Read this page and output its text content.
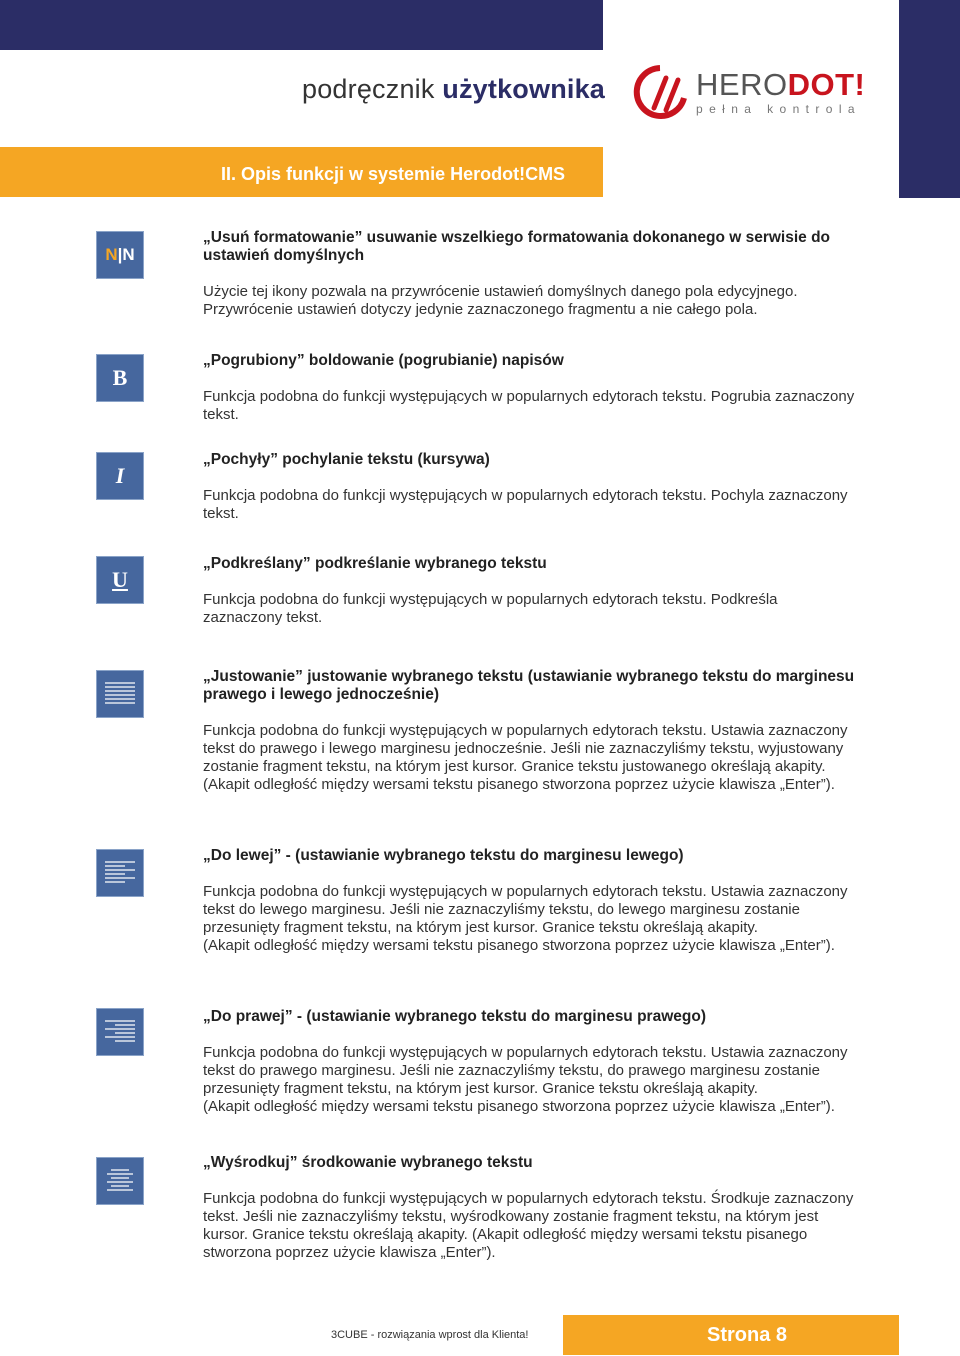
podręcznik użytkownika	HERODOT!
pełna kontrola
II. Opis funkcji w systemie Herodot!CMS
N|N

„Usuń formatowanie” usuwanie wszelkiego formatowania dokonanego w serwisie do
ustawień domyślnych

Użycie tej ikony pozwala na przywrócenie ustawień domyślnych danego pola edycyjnego.
Przywrócenie ustawień dotyczy jedynie zaznaczonego fragmentu a nie całego pola.

B

„Pogrubiony” boldowanie (pogrubianie) napisów

Funkcja podobna do funkcji występujących w popularnych edytorach tekstu. Pogrubia zaznaczony
tekst.

I

„Pochyły” pochylanie tekstu (kursywa)

Funkcja podobna do funkcji występujących w popularnych edytorach tekstu. Pochyla zaznaczony
tekst.

U

„Podkreślany” podkreślanie wybranego tekstu

Funkcja podobna do funkcji występujących w popularnych edytorach tekstu. Podkreśla
zaznaczony tekst.

„Justowanie” justowanie wybranego tekstu (ustawianie wybranego tekstu do marginesu
prawego i lewego jednocześnie)

Funkcja podobna do funkcji występujących w popularnych edytorach tekstu. Ustawia zaznaczony
tekst do prawego i lewego marginesu jednocześnie. Jeśli nie zaznaczyliśmy tekstu, wyjustowany
zostanie fragment tekstu, na którym jest kursor. Granice tekstu justowanego określają akapity.
(Akapit odległość między wersami tekstu pisanego stworzona poprzez użycie klawisza „Enter”).

„Do lewej” - (ustawianie wybranego tekstu do marginesu lewego)

Funkcja podobna do funkcji występujących w popularnych edytorach tekstu. Ustawia zaznaczony
tekst do lewego marginesu. Jeśli nie zaznaczyliśmy tekstu, do lewego marginesu zostanie
przesunięty fragment tekstu, na którym jest kursor. Granice tekstu określają akapity.
(Akapit odległość między wersami tekstu pisanego stworzona poprzez użycie klawisza „Enter”).

„Do prawej” - (ustawianie wybranego tekstu do marginesu prawego)

Funkcja podobna do funkcji występujących w popularnych edytorach tekstu. Ustawia zaznaczony
tekst do prawego marginesu. Jeśli nie zaznaczyliśmy tekstu, do prawego marginesu zostanie
przesunięty fragment tekstu, na którym jest kursor. Granice tekstu określają akapity.
(Akapit odległość między wersami tekstu pisanego stworzona poprzez użycie klawisza „Enter”).

„Wyśrodkuj” środkowanie wybranego tekstu

Funkcja podobna do funkcji występujących w popularnych edytorach tekstu. Środkuje zaznaczony
tekst. Jeśli nie zaznaczyliśmy tekstu, wyśrodkowany zostanie fragment tekstu, na którym jest
kursor. Granice tekstu określają akapity. (Akapit odległość między wersami tekstu pisanego
stworzona poprzez użycie klawisza „Enter”).

3CUBE - rozwiązania wprost dla Klienta!	Strona 8
